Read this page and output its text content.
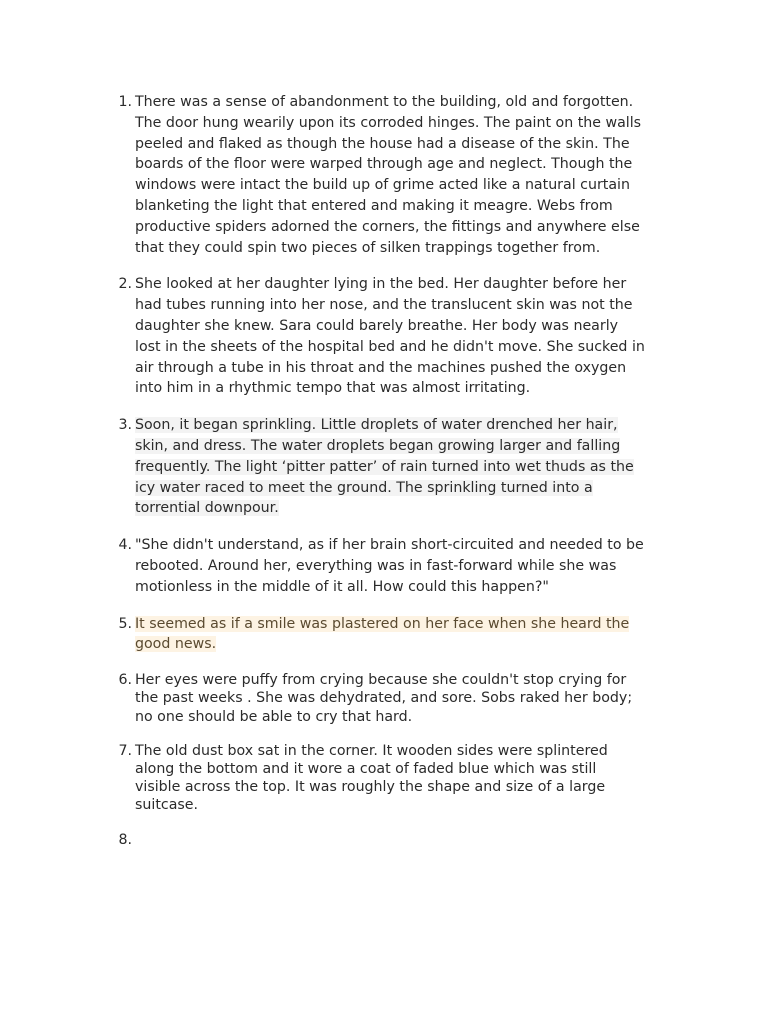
1. There was a sense of abandonment to the building, old and forgotten.
The door hung wearily upon its corroded hinges. The paint on the walls
peeled and flaked as though the house had a disease of the skin. The
boards of the floor were warped through age and neglect. Though the
windows were intact the build up of grime acted like a natural curtain
blanketing the light that entered and making it meagre. Webs from
productive spiders adorned the corners, the fittings and anywhere else
that they could spin two pieces of silken trappings together from.
2. She looked at her daughter lying in the bed. Her daughter before her
had tubes running into her nose, and the translucent skin was not the
daughter she knew. Sara could barely breathe. Her body was nearly
lost in the sheets of the hospital bed and he didn't move. She sucked in
air through a tube in his throat and the machines pushed the oxygen
into him in a rhythmic tempo that was almost irritating.
3. Soon, it began sprinkling. Little droplets of water drenched her hair,
skin, and dress. The water droplets began growing larger and falling
frequently. The light ‘pitter patter’ of rain turned into wet thuds as the
icy water raced to meet the ground. The sprinkling turned into a
torrential downpour.
4. "She didn't understand, as if her brain short-circuited and needed to be
rebooted. Around her, everything was in fast-forward while she was
motionless in the middle of it all. How could this happen?"
5. It seemed as if a smile was plastered on her face when she heard the
good news.
6. Her eyes were puffy from crying because she couldn't stop crying for
the past weeks . She was dehydrated, and sore. Sobs raked her body;
no one should be able to cry that hard.
7. The old dust box sat in the corner. It wooden sides were splintered
along the bottom and it wore a coat of faded blue which was still
visible across the top. It was roughly the shape and size of a large
suitcase.
8.
